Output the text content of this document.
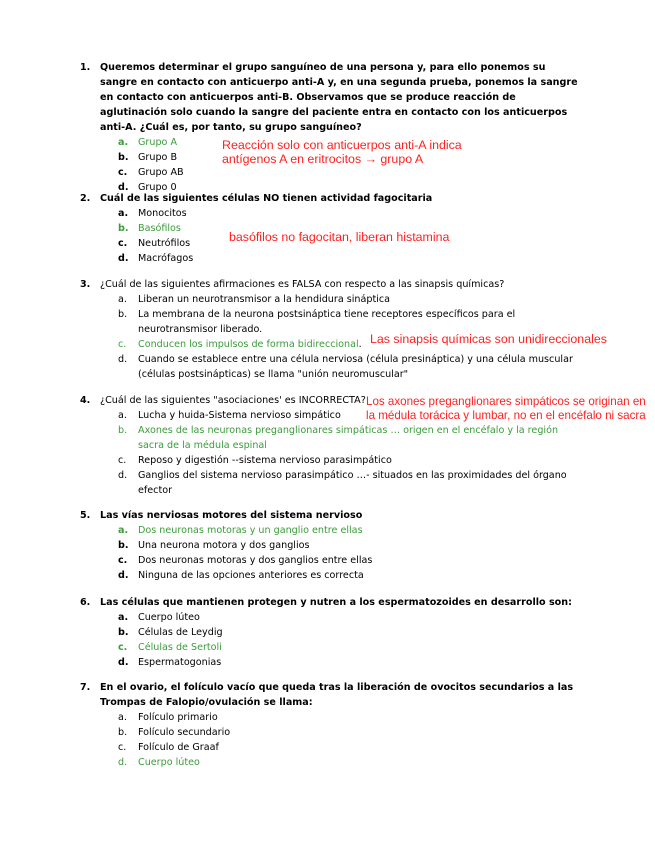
1.	Queremos determinar el grupo sanguíneo de una persona y, para ello ponemos su sangre en contacto con anticuerpo anti-A y, en una segunda prueba, ponemos la sangre en contacto con anticuerpos anti-B. Observamos que se produce reacción de aglutinación solo cuando la sangre del paciente entra en contacto con los anticuerpos anti-A. ¿Cuál es, por tanto, su grupo sanguíneo?
a. Grupo A
b. Grupo B
c. Grupo AB
d. Grupo 0
Reacción solo con anticuerpos anti-A indica
antígenos A en eritrocitos → grupo A
2.	Cuál de las siguientes células NO tienen actividad fagocitaria
a. Monocitos
b. Basófilos
c. Neutrófilos
d. Macrófagos
basófilos no fagocitan, liberan histamina
3.	¿Cuál de las siguientes afirmaciones es FALSA con respecto a las sinapsis químicas?
a. Liberan un neurotransmisor a la hendidura sináptica
b. La membrana de la neurona postsináptica tiene receptores específicos para el neurotransmisor liberado.
c. Conducen los impulsos de forma bidireccional.
d. Cuando se establece entre una célula nerviosa (célula presináptica) y una célula muscular (células postsinápticas) se llama "unión neuromuscular"
Las sinapsis químicas son unidireccionales
4.	¿Cuál de las siguientes "asociaciones' es INCORRECTA?
a. Lucha y huida-Sistema nervioso simpático
b. Axones de las neuronas preganglionares simpáticas … origen en el encéfalo y la región sacra de la médula espinal
c. Reposo y digestión --sistema nervioso parasimpático
d. Ganglios del sistema nervioso parasimpático …- situados en las proximidades del órgano efector
Los axones preganglionares simpáticos se originan en
la médula torácica y lumbar, no en el encéfalo ni sacra
5.	Las vías nerviosas motores del sistema nervioso
a. Dos neuronas motoras y un ganglio entre ellas
b. Una neurona motora y dos ganglios
c. Dos neuronas motoras y dos ganglios entre ellas
d. Ninguna de las opciones anteriores es correcta
6.	Las células que mantienen protegen y nutren a los espermatozoides en desarrollo son:
a. Cuerpo lúteo
b. Células de Leydig
c. Células de Sertoli
d. Espermatogonias
7.	En el ovario, el folículo vacío que queda tras la liberación de ovocitos secundarios a las Trompas de Falopio/ovulación se llama:
a. Folículo primario
b. Folículo secundario
c. Folículo de Graaf
d. Cuerpo lúteo
